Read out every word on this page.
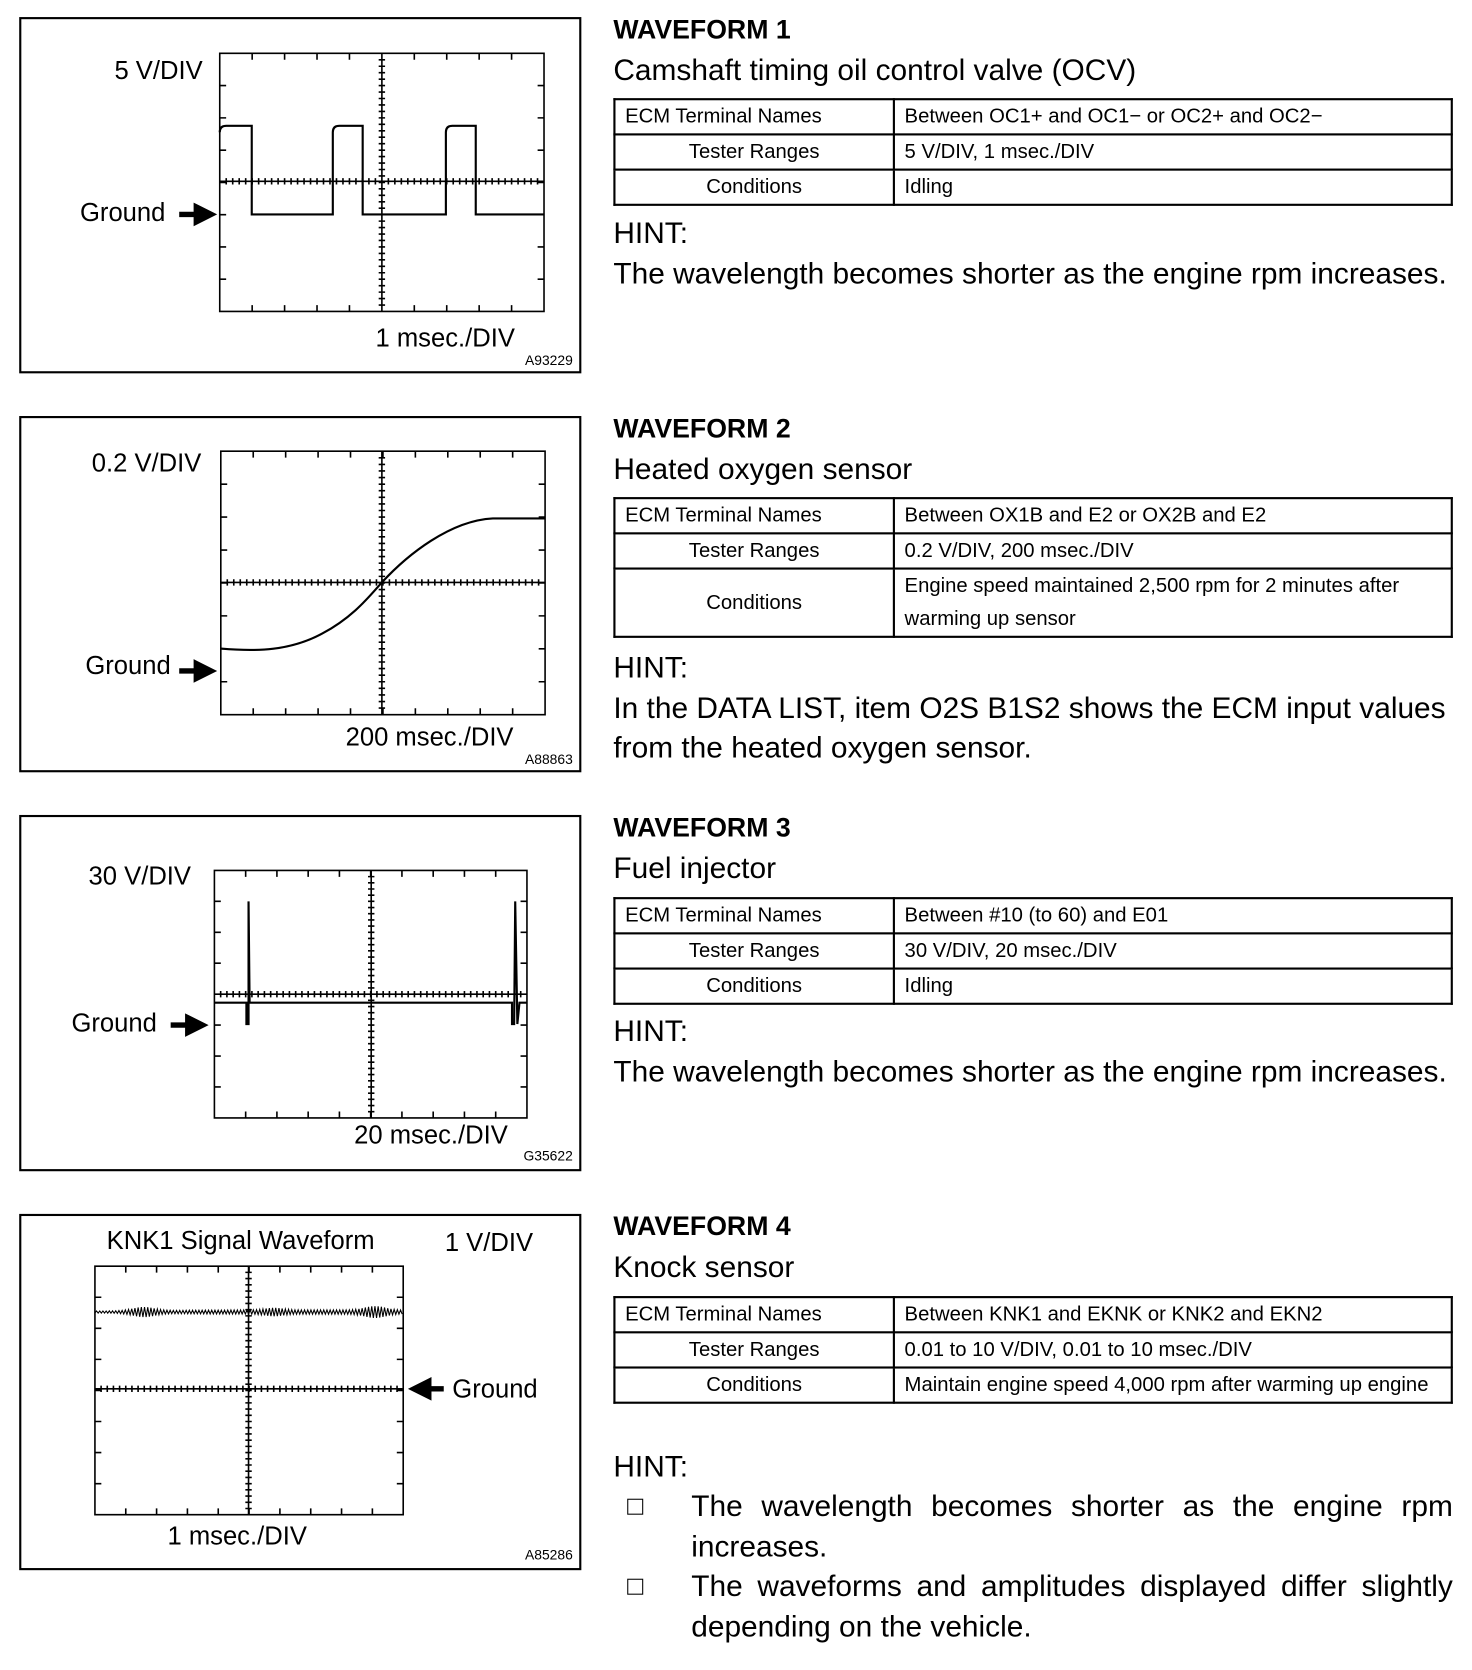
5 V/DIV
Ground
1 msec./DIV
A93229
0.2 V/DIV
Ground
200 msec./DIV
A88863
30 V/DIV
Ground
20 msec./DIV
G35622
KNK1 Signal Waveform	1 V/DIV
Ground
1 msec./DIV
A85286
WAVEFORM 1
Camshaft timing oil control valve (OCV)
ECM Terminal Names	Between OC1+ and OC1− or OC2+ and OC2−
Tester Ranges	5 V/DIV, 1 msec./DIV
Conditions	Idling
HINT:
The wavelength becomes shorter as the engine rpm increases.
WAVEFORM 2
Heated oxygen sensor
ECM Terminal Names	Between OX1B and E2 or OX2B and E2
Tester Ranges	0.2 V/DIV, 200 msec./DIV
Conditions	Engine speed maintained 2,500 rpm for 2 minutes after warming up sensor
HINT:
In the DATA LIST, item O2S B1S2 shows the ECM input values
from the heated oxygen sensor.
WAVEFORM 3
Fuel injector
ECM Terminal Names	Between #10 (to 60) and E01
Tester Ranges	30 V/DIV, 20 msec./DIV
Conditions	Idling
HINT:
The wavelength becomes shorter as the engine rpm increases.
WAVEFORM 4
Knock sensor
ECM Terminal Names	Between KNK1 and EKNK or KNK2 and EKN2
Tester Ranges	0.01 to 10 V/DIV, 0.01 to 10 msec./DIV
Conditions	Maintain engine speed 4,000 rpm after warming up engine
HINT:
The wavelength becomes shorter as the engine rpm increases.
The waveforms and amplitudes displayed differ slightly depending on the vehicle.
